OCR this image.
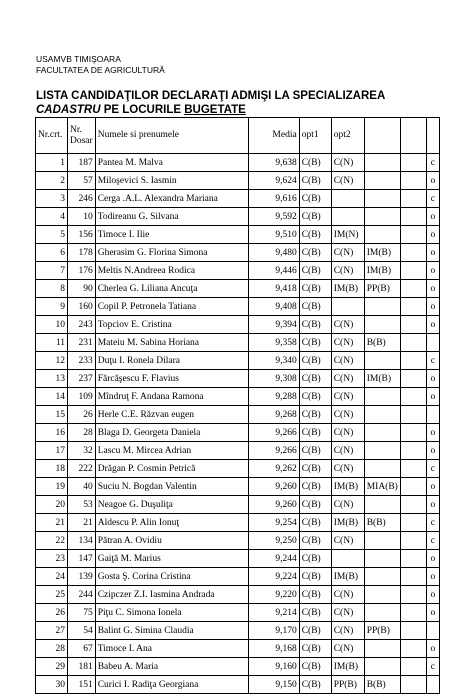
USAMVB TIMIŞOARA
FACULTATEA DE AGRICULTURĂ
LISTA CANDIDAŢILOR DECLARAŢI ADMIŞI LA SPECIALIZAREA
CADASTRU PE LOCURILE BUGETATE
Nr.crt.	Nr. Dosar	Numele si prenumele	Media	opt1	opt2			
1	187	Pantea M. Malva	9,638	C(B)	C(N)			c
2	57	Miloşevici S. Iasmin	9,624	C(B)	C(N)			o
3	246	Cerga .A.L. Alexandra Mariana	9,616	C(B)				c
4	10	Todireanu G. Silvana	9,592	C(B)				o
5	156	Timoce I. Ilie	9,510	C(B)	IM(N)			o
6	178	Gherasim G. Florina Simona	9,480	C(B)	C(N)	IM(B)		o
7	176	Meltis N.Andreea Rodica	9,446	C(B)	C(N)	IM(B)		o
8	90	Cherlea G. Liliana Ancuţa	9,418	C(B)	IM(B)	PP(B)		o
9	160	Copil P. Petronela Tatiana	9,408	C(B)				o
10	243	Topciov E. Cristina	9,394	C(B)	C(N)			o
11	231	Mateiu M. Sabina Horiana	9,358	C(B)	C(N)	B(B)		
12	233	Duţu I. Ronela Dilara	9,340	C(B)	C(N)			c
13	237	Fărcăşescu F. Flavius	9,308	C(B)	C(N)	IM(B)		o
14	109	Mîndruţ F. Andana Ramona	9,288	C(B)	C(N)			o
15	26	Herle C.E. Răzvan eugen	9,268	C(B)	C(N)			
16	28	Blaga D. Georgeta Daniela	9,266	C(B)	C(N)			o
17	32	Lascu M. Mircea Adrian	9,266	C(B)	C(N)			o
18	222	Drăgan P. Cosmin Petrică	9,262	C(B)	C(N)			c
19	40	Suciu N. Bogdan Valentin	9,260	C(B)	IM(B)	MIA(B)		o
20	53	Neagoe G. Duşuliţa	9,260	C(B)	C(N)			o
21	21	Aldescu P. Alin Ionuţ	9,254	C(B)	IM(B)	B(B)		c
22	134	Pătran A. Ovidiu	9,250	C(B)	C(N)			c
23	147	Gaiţă M. Marius	9,244	C(B)				o
24	139	Gosta Ş. Corina Cristina	9,224	C(B)	IM(B)			o
25	244	Czipczer Z.I. Iasmina Andrada	9,220	C(B)	C(N)			o
26	75	Piţu C. Simona Ionela	9,214	C(B)	C(N)			o
27	54	Balint G. Simina Claudia	9,170	C(B)	C(N)	PP(B)		
28	67	Timoce I. Ana	9,168	C(B)	C(N)			o
29	181	Babeu A. Maria	9,160	C(B)	IM(B)			c
30	151	Curici I. Radiţa Georgiana	9,150	C(B)	PP(B)	B(B)		
